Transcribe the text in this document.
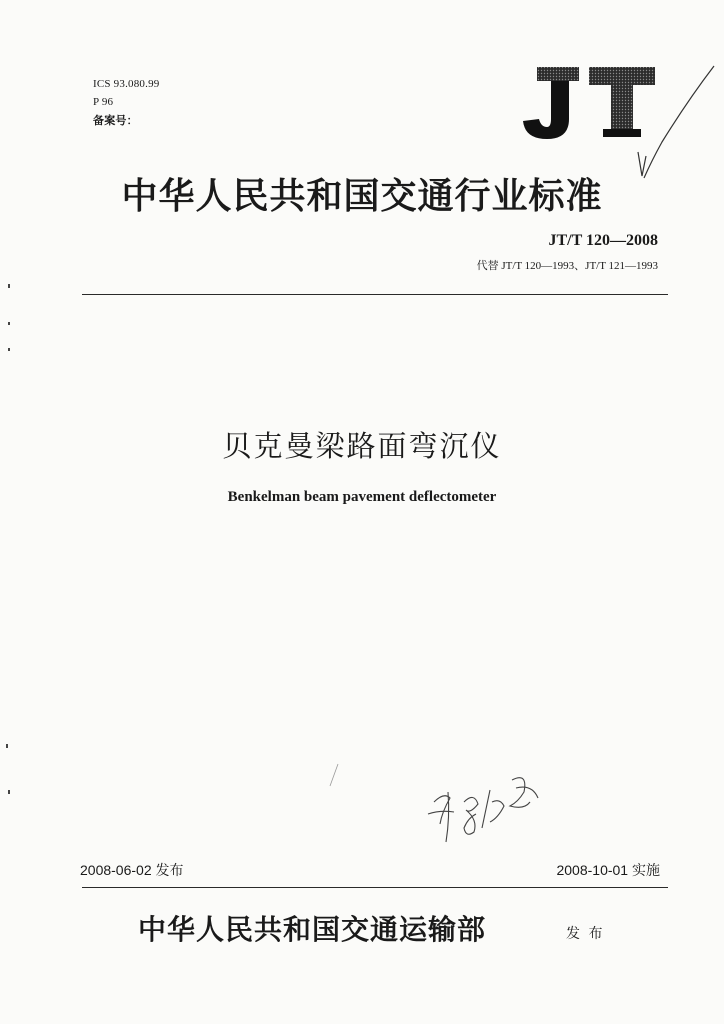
ICS 93.080.99
P 96
备案号：
中华人民共和国交通行业标准
JT/T 120—2008
代替 JT/T 120—1993、JT/T 121—1993
贝克曼梁路面弯沉仪
Benkelman beam pavement deflectometer
2008-06-02 发布	2008-10-01 实施
中华人民共和国交通运输部	发 布
